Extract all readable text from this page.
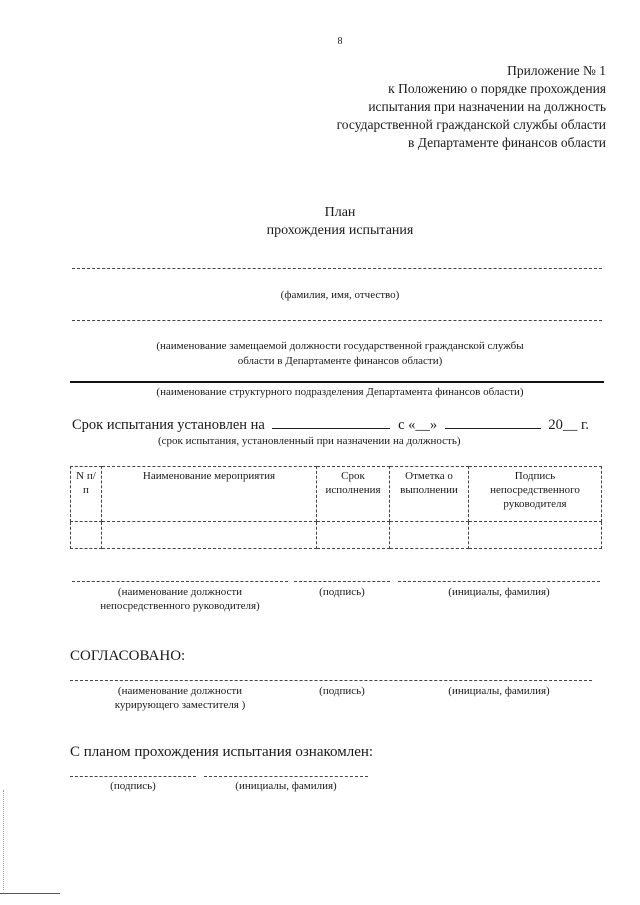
8
Приложение № 1
к Положению о порядке прохождения
испытания при назначении на должность
государственной гражданской службы области
в Департаменте финансов области
План
прохождения испытания
(фамилия, имя, отчество)
(наименование замещаемой должности государственной гражданской службы
области в Департаменте финансов области)
(наименование структурного подразделения Департамента финансов области)
Срок испытания установлен на	с «__»	20__ г.
(срок испытания, установленный при назначении на должность)
N п/п	Наименование мероприятия	Срок исполнения	Отметка о выполнении	Подпись непосредственного руководителя

(наименование должности
непосредственного руководителя)
(подпись)	(инициалы, фамилия)
СОГЛАСОВАНО:
(наименование должности
курирующего заместителя )
(подпись)	(инициалы, фамилия)
С планом прохождения испытания ознакомлен:
(подпись)	(инициалы, фамилия)
